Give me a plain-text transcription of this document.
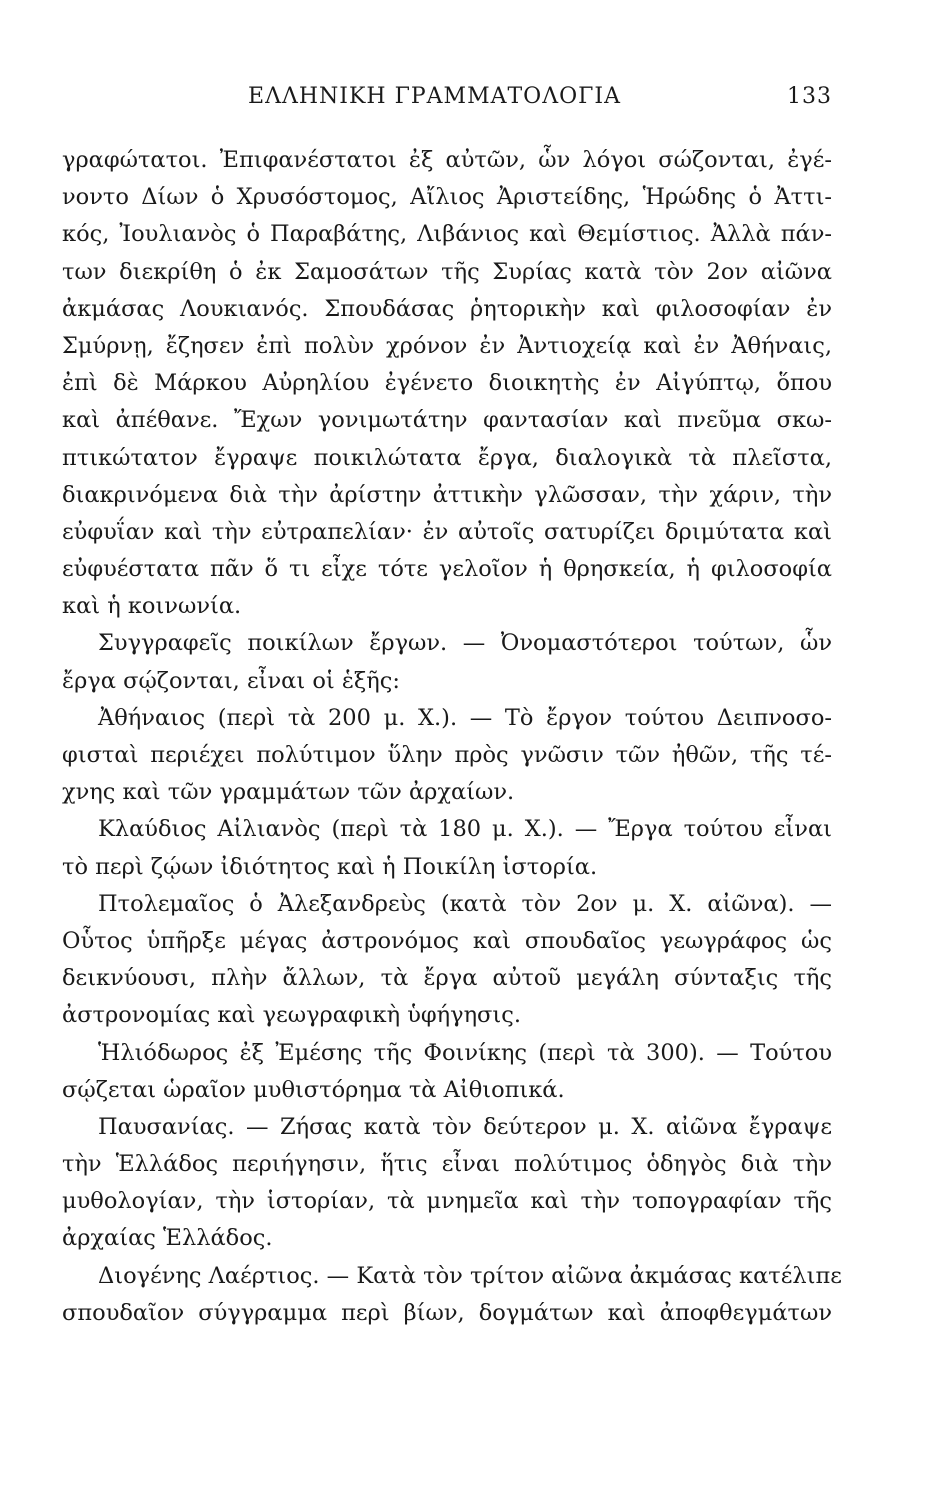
ΕΛΛΗΝΙΚΗ ΓΡΑΜΜΑΤΟΛΟΓΙΑ	133
γραφώτατοι. Ἐπιφανέστατοι ἐξ αὐτῶν, ὧν λόγοι σώζονται, ἐγέ-
νοντο Δίων ὁ Χρυσόστομος, Αἴλιος Ἀριστείδης, Ἡρώδης ὁ Ἀττι-
κός, Ἰουλιανὸς ὁ Παραβάτης, Λιβάνιος καὶ Θεμίστιος. Ἀλλὰ πάν-
των διεκρίθη ὁ ἐκ Σαμοσάτων τῆς Συρίας κατὰ τὸν 2ον αἰῶνα
ἀκμάσας Λουκιανός. Σπουδάσας ῥητορικὴν καὶ φιλοσοφίαν ἐν
Σμύρνῃ, ἔζησεν ἐπὶ πολὺν χρόνον ἐν Ἀντιοχείᾳ καὶ ἐν Ἀθήναις,
ἐπὶ δὲ Μάρκου Αὐρηλίου ἐγένετο διοικητὴς ἐν Αἰγύπτῳ, ὅπου
καὶ ἀπέθανε. Ἔχων γονιμωτάτην φαντασίαν καὶ πνεῦμα σκω-
πτικώτατον ἔγραψε ποικιλώτατα ἔργα, διαλογικὰ τὰ πλεῖστα,
διακρινόμενα διὰ τὴν ἀρίστην ἀττικὴν γλῶσσαν, τὴν χάριν, τὴν
εὐφυΐαν καὶ τὴν εὐτραπελίαν· ἐν αὐτοῖς σατυρίζει δριμύτατα καὶ
εὐφυέστατα πᾶν ὅ τι εἶχε τότε γελοῖον ἡ θρησκεία, ἡ φιλοσοφία
καὶ ἡ κοινωνία.
Συγγραφεῖς ποικίλων ἔργων. — Ὀνομαστότεροι τούτων, ὧν
ἔργα σῴζονται, εἶναι οἱ ἑξῆς:
Ἀθήναιος (περὶ τὰ 200 μ. Χ.). — Τὸ ἔργον τούτου Δειπνοσο-
φισταὶ περιέχει πολύτιμον ὕλην πρὸς γνῶσιν τῶν ἠθῶν, τῆς τέ-
χνης καὶ τῶν γραμμάτων τῶν ἀρχαίων.
Κλαύδιος Αἰλιανὸς (περὶ τὰ 180 μ. Χ.). — Ἔργα τούτου εἶναι
τὸ περὶ ζῴων ἰδιότητος καὶ ἡ Ποικίλη ἱστορία.
Πτολεμαῖος ὁ Ἀλεξανδρεὺς (κατὰ τὸν 2ον μ. Χ. αἰῶνα). —
Οὗτος ὑπῆρξε μέγας ἀστρονόμος καὶ σπουδαῖος γεωγράφος ὡς
δεικνύουσι, πλὴν ἄλλων, τὰ ἔργα αὐτοῦ μεγάλη σύνταξις τῆς
ἀστρονομίας καὶ γεωγραφικὴ ὑφήγησις.
Ἡλιόδωρος ἐξ Ἐμέσης τῆς Φοινίκης (περὶ τὰ 300). — Τούτου
σῴζεται ὡραῖον μυθιστόρημα τὰ Αἰθιοπικά.
Παυσανίας. — Ζήσας κατὰ τὸν δεύτερον μ. Χ. αἰῶνα ἔγραψε
τὴν Ἑλλάδος περιήγησιν, ἥτις εἶναι πολύτιμος ὁδηγὸς διὰ τὴν
μυθολογίαν, τὴν ἱστορίαν, τὰ μνημεῖα καὶ τὴν τοπογραφίαν τῆς
ἀρχαίας Ἑλλάδος.
Διογένης Λαέρτιος. — Κατὰ τὸν τρίτον αἰῶνα ἀκμάσας κατέλιπε
σπουδαῖον σύγγραμμα περὶ βίων, δογμάτων καὶ ἀποφθεγμάτων
